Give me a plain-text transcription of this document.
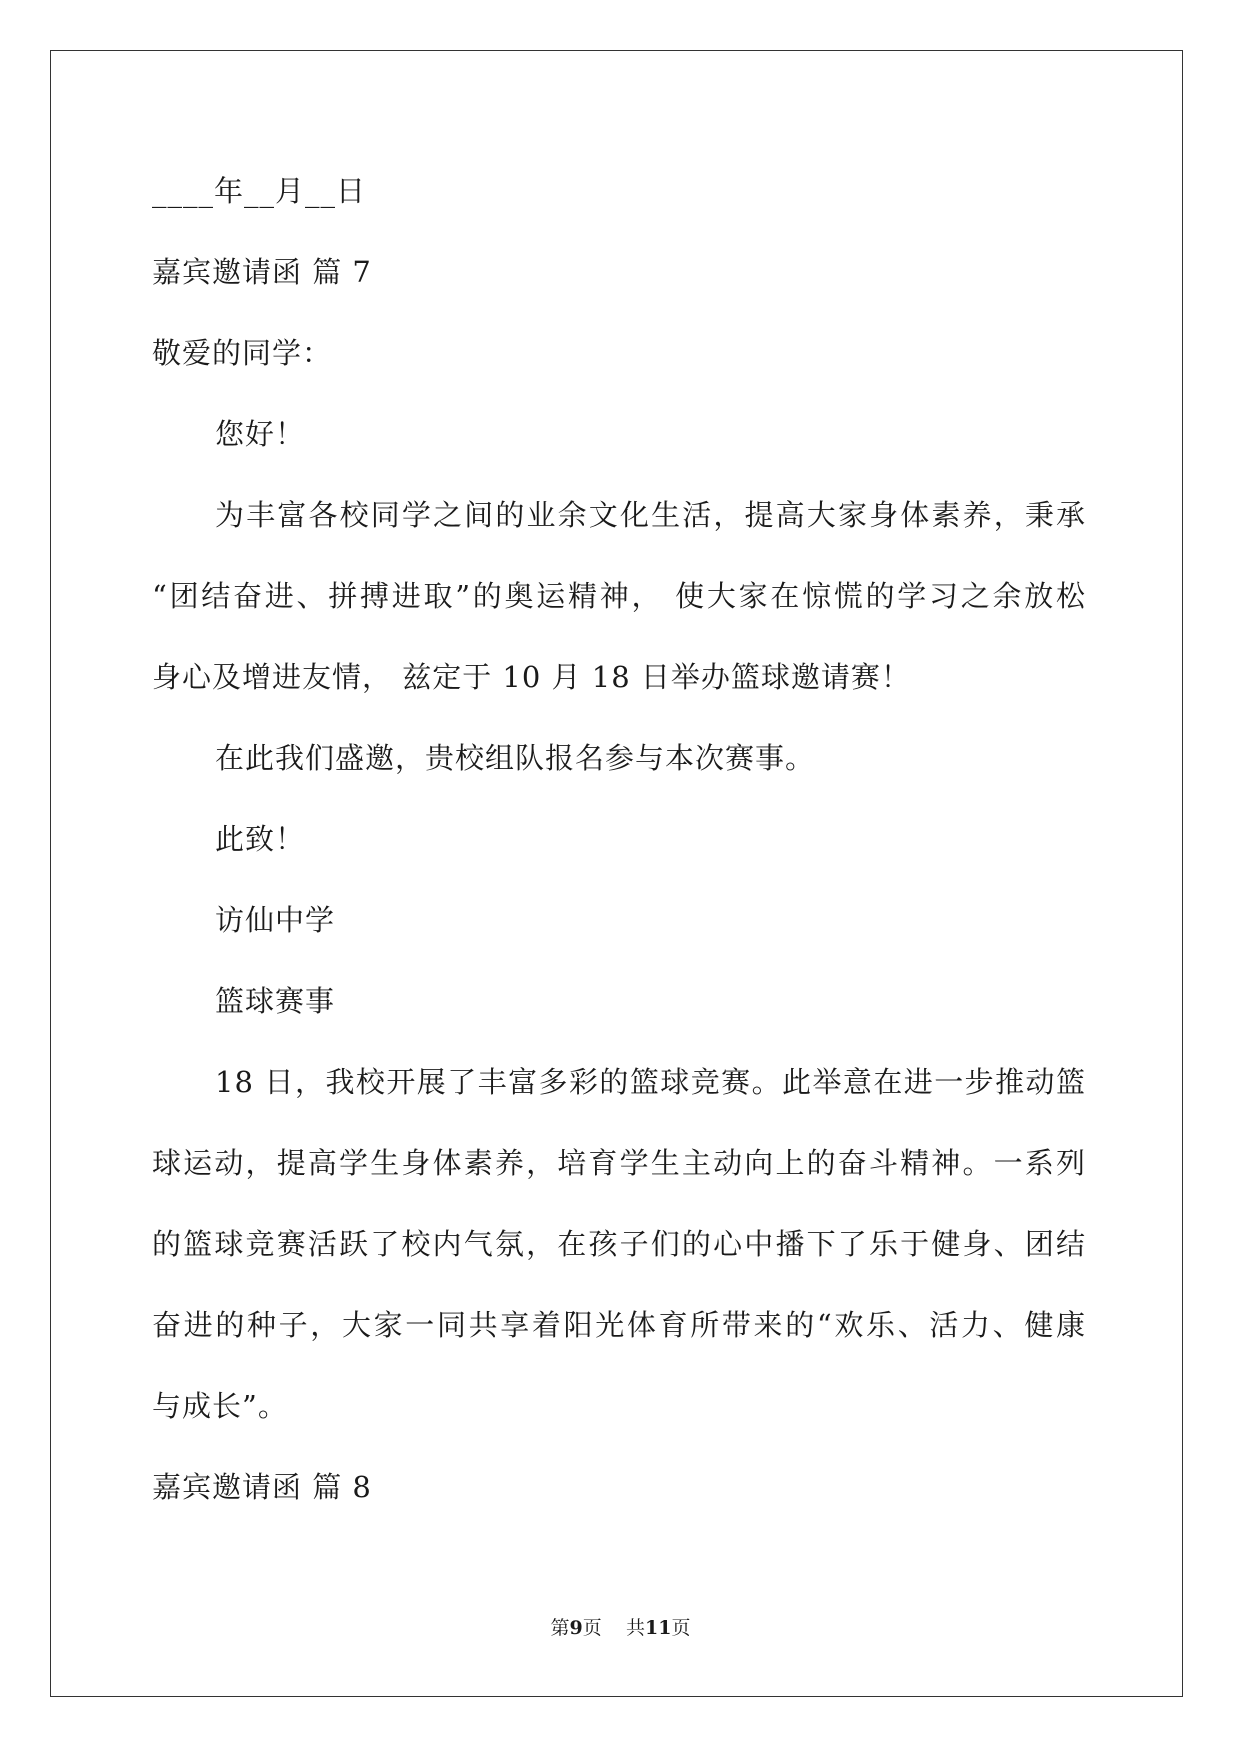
____年__月__日
嘉宾邀请函 篇 7
敬爱的同学：
您好！
为丰富各校同学之间的业余文化生活，提高大家身体素养，秉承
“团结奋进、拼搏进取”的奥运精神， 使大家在惊慌的学习之余放松
身心及增进友情， 兹定于 10 月 18 日举办篮球邀请赛！
在此我们盛邀，贵校组队报名参与本次赛事。
此致！
访仙中学
篮球赛事
18 日，我校开展了丰富多彩的篮球竞赛。此举意在进一步推动篮
球运动，提高学生身体素养，培育学生主动向上的奋斗精神。一系列
的篮球竞赛活跃了校内气氛，在孩子们的心中播下了乐于健身、团结
奋进的种子，大家一同共享着阳光体育所带来的“欢乐、活力、健康
与成长”。
嘉宾邀请函 篇 8
第9页 共11页
